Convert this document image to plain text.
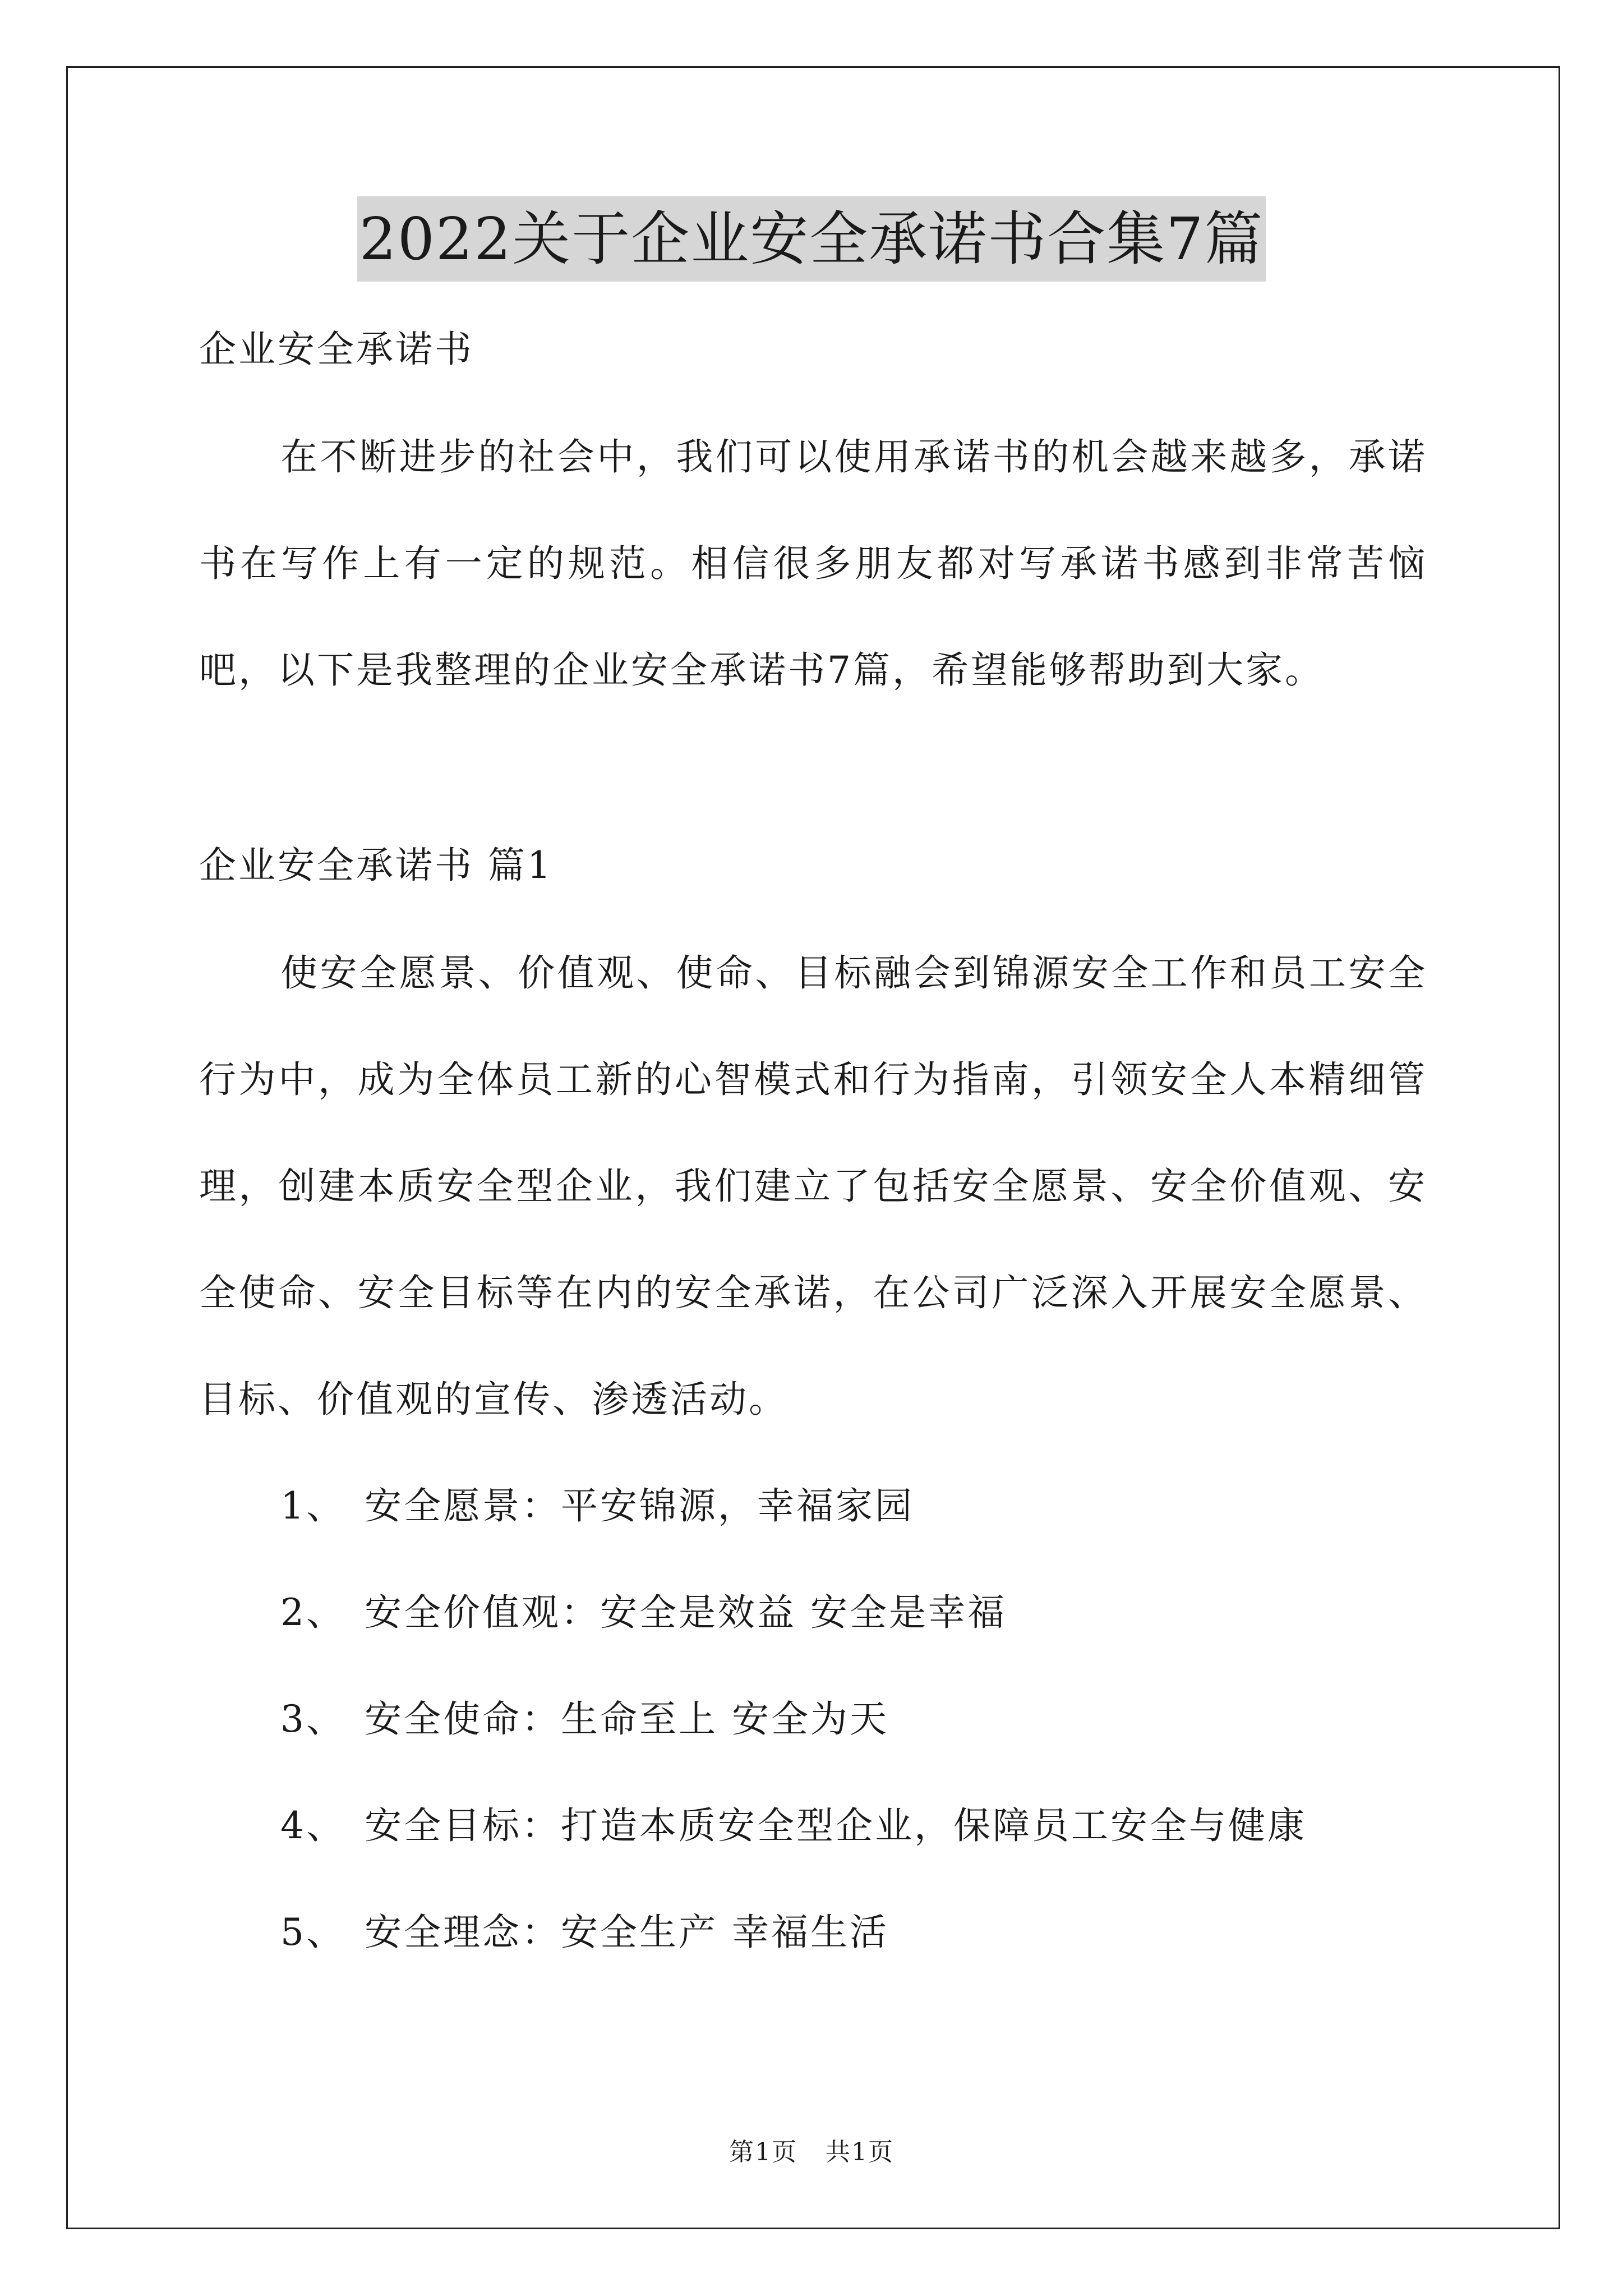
2022关于企业安全承诺书合集7篇

企业安全承诺书

在不断进步的社会中，我们可以使用承诺书的机会越来越多，承诺书在写作上有一定的规范。相信很多朋友都对写承诺书感到非常苦恼吧，以下是我整理的企业安全承诺书7篇，希望能够帮助到大家。

企业安全承诺书 篇1

使安全愿景、价值观、使命、目标融会到锦源安全工作和员工安全行为中，成为全体员工新的心智模式和行为指南，引领安全人本精细管理，创建本质安全型企业，我们建立了包括安全愿景、安全价值观、安全使命、安全目标等在内的安全承诺，在公司广泛深入开展安全愿景、目标、价值观的宣传、渗透活动。

1、 安全愿景：平安锦源，幸福家园
2、 安全价值观：安全是效益 安全是幸福
3、 安全使命：生命至上 安全为天
4、 安全目标：打造本质安全型企业，保障员工安全与健康
5、 安全理念：安全生产 幸福生活
第1页 共1页
